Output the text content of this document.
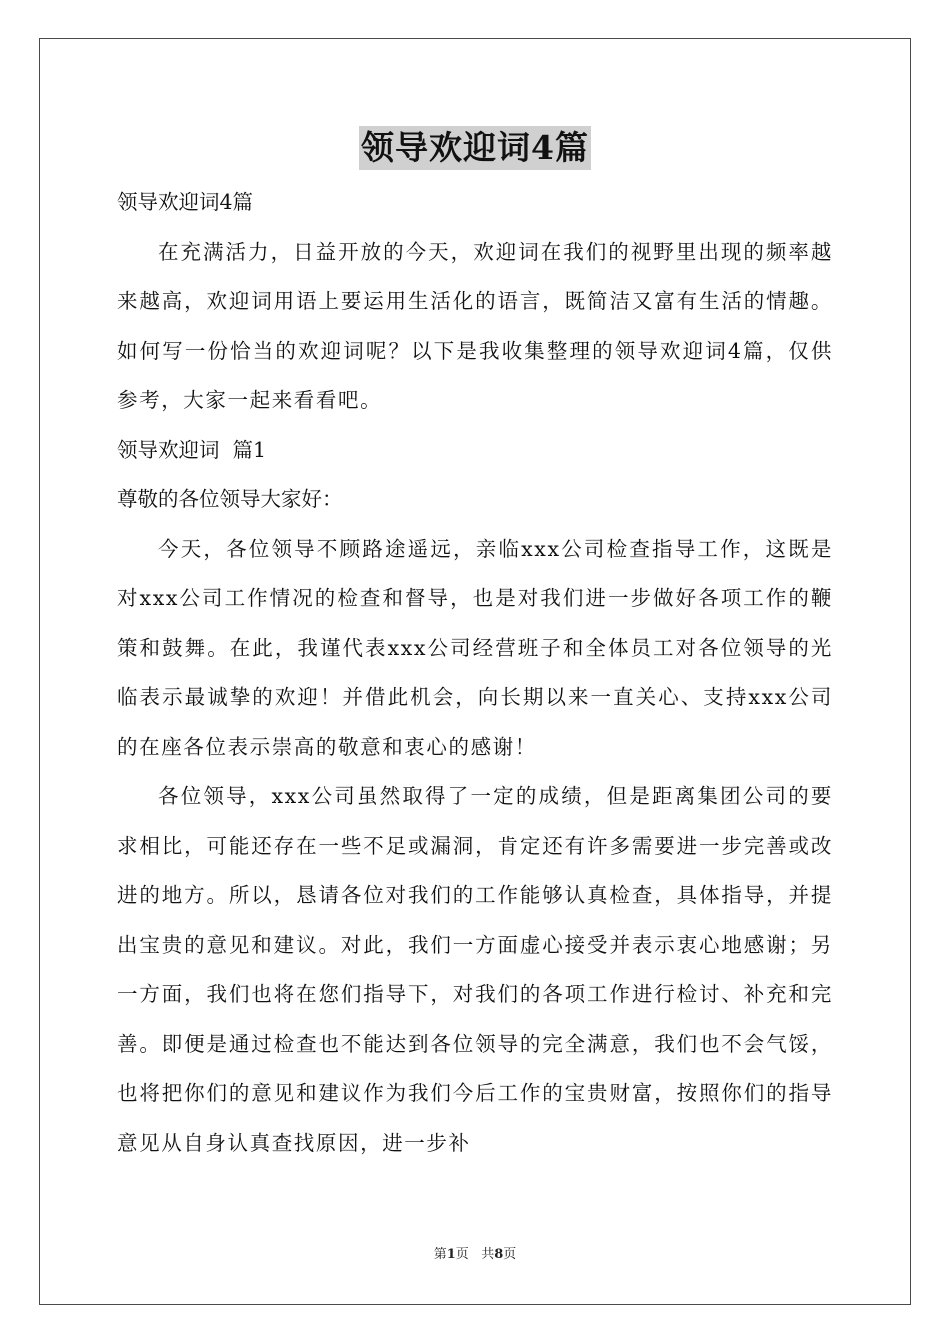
领导欢迎词4篇

领导欢迎词4篇

在充满活力，日益开放的今天，欢迎词在我们的视野里出现的频率越来越高，欢迎词用语上要运用生活化的语言，既简洁又富有生活的情趣。如何写一份恰当的欢迎词呢？以下是我收集整理的领导欢迎词4篇，仅供参考，大家一起来看看吧。

领导欢迎词  篇1

尊敬的各位领导大家好：

今天，各位领导不顾路途遥远，亲临xxx公司检查指导工作，这既是对xxx公司工作情况的检查和督导，也是对我们进一步做好各项工作的鞭策和鼓舞。在此，我谨代表xxx公司经营班子和全体员工对各位领导的光临表示最诚挚的欢迎！并借此机会，向长期以来一直关心、支持xxx公司的在座各位表示崇高的敬意和衷心的感谢！

各位领导，xxx公司虽然取得了一定的成绩，但是距离集团公司的要求相比，可能还存在一些不足或漏洞，肯定还有许多需要进一步完善或改进的地方。所以，恳请各位对我们的工作能够认真检查，具体指导，并提出宝贵的意见和建议。对此，我们一方面虚心接受并表示衷心地感谢；另一方面，我们也将在您们指导下，对我们的各项工作进行检讨、补充和完善。即便是通过检查也不能达到各位领导的完全满意，我们也不会气馁，也将把你们的意见和建议作为我们今后工作的宝贵财富，按照你们的指导意见从自身认真查找原因，进一步补

第1页 共8页
